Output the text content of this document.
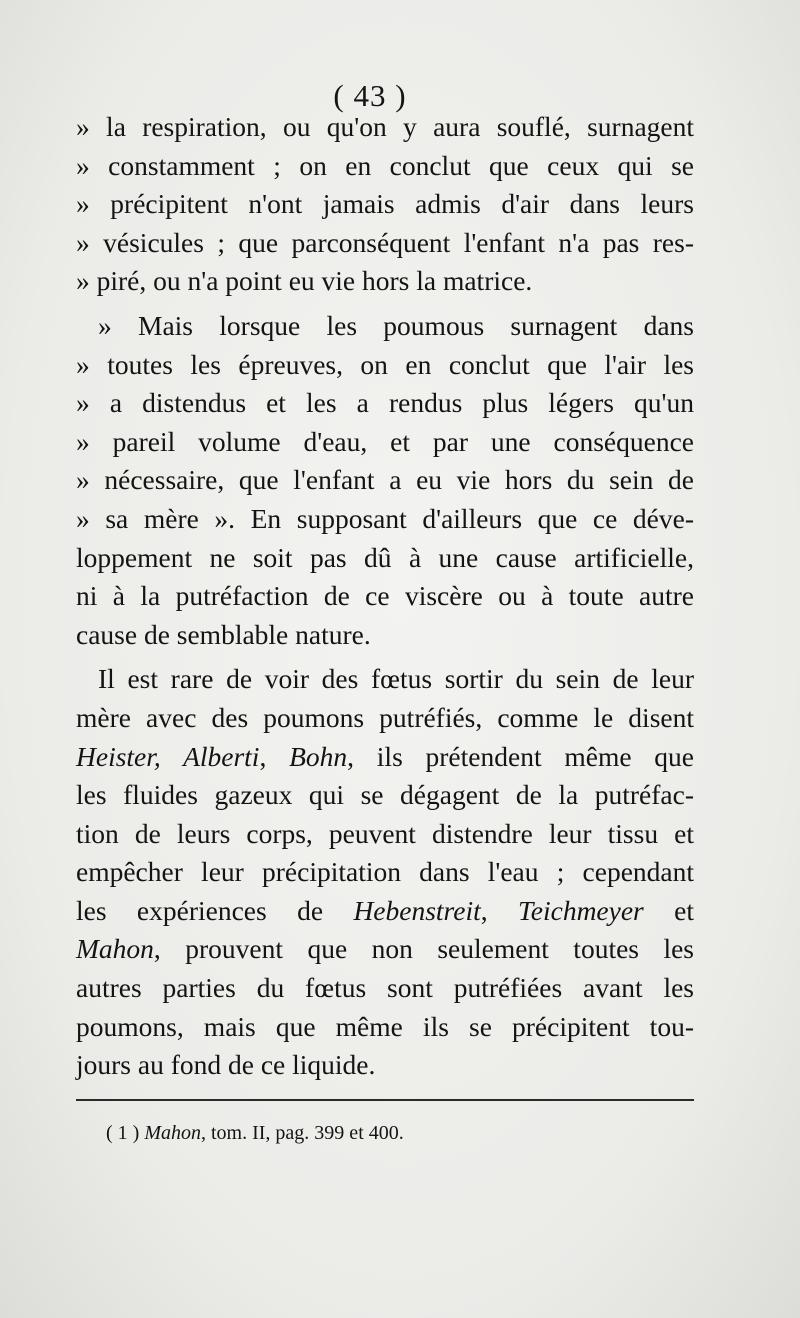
( 43 )
» la respiration, ou qu'on y aura souflé, surnagent
» constamment ; on en conclut que ceux qui se
» précipitent n'ont jamais admis d'air dans leurs
» vésicules ; que parconséquent l'enfant n'a pas res-
» piré, ou n'a point eu vie hors la matrice.
» Mais lorsque les poumous surnagent dans
» toutes les épreuves, on en conclut que l'air les
» a distendus et les a rendus plus légers qu'un
» pareil volume d'eau, et par une conséquence
» nécessaire, que l'enfant a eu vie hors du sein de
» sa mère ». En supposant d'ailleurs que ce déve-
loppement ne soit pas dû à une cause artificielle,
ni à la putréfaction de ce viscère ou à toute autre
cause de semblable nature.
Il est rare de voir des fœtus sortir du sein de leur
mère avec des poumons putréfiés, comme le disent
Heister, Alberti, Bohn, ils prétendent même que
les fluides gazeux qui se dégagent de la putréfac-
tion de leurs corps, peuvent distendre leur tissu et
empêcher leur précipitation dans l'eau ; cependant
les expériences de Hebenstreit, Teichmeyer et
Mahon, prouvent que non seulement toutes les
autres parties du fœtus sont putréfiées avant les
poumons, mais que même ils se précipitent tou-
jours au fond de ce liquide.
( 1 ) Mahon, tom. II, pag. 399 et 400.
